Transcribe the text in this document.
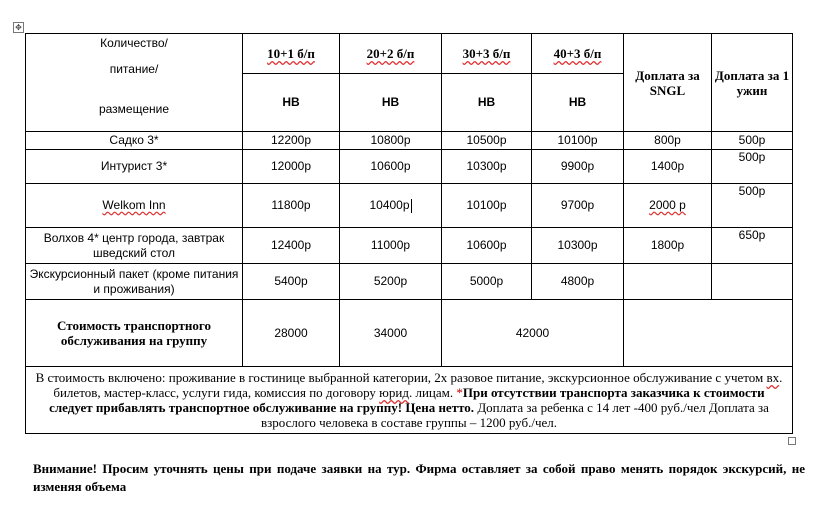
✥
Количество/
питание/
размещение	10+1 б/п	20+2 б/п	30+3 б/п	40+3 б/п	Доплата за SNGL	Доплата за 1 ужин
	НВ	НВ	НВ	НВ		
Садко 3*	12200р	10800р	10500р	10100р	800р	500р
Интурист 3*	12000р	10600р	10300р	9900р	1400р	500р
Welkom Inn	11800р	10400р	10100р	9700р	2000 р	500р
Волхов 4* центр города, завтрак шведский стол	12400р	11000р	10600р	10300р	1800р	650р
Экскурсионный пакет (кроме питания и проживания)	5400р	5200р	5000р	4800р		
Стоимость транспортного обслуживания на группу	28000	34000	42000			
В стоимость включено: проживание в гостинице выбранной категории, 2х разовое питание, экскурсионное обслуживание с учетом вх. билетов, мастер-класс, услуги гида, комиссия по договору юрид. лицам. *При отсутствии транспорта заказчика к стоимости следует прибавлять транспортное обслуживание на группу! Цена нетто. Доплата за ребенка с 14 лет -400 руб./чел Доплата за взрослого человека в составе группы – 1200 руб./чел.						
Внимание! Просим уточнять цены при подаче заявки на тур. Фирма оставляет за собой право менять порядок экскурсий, не изменяя объема
